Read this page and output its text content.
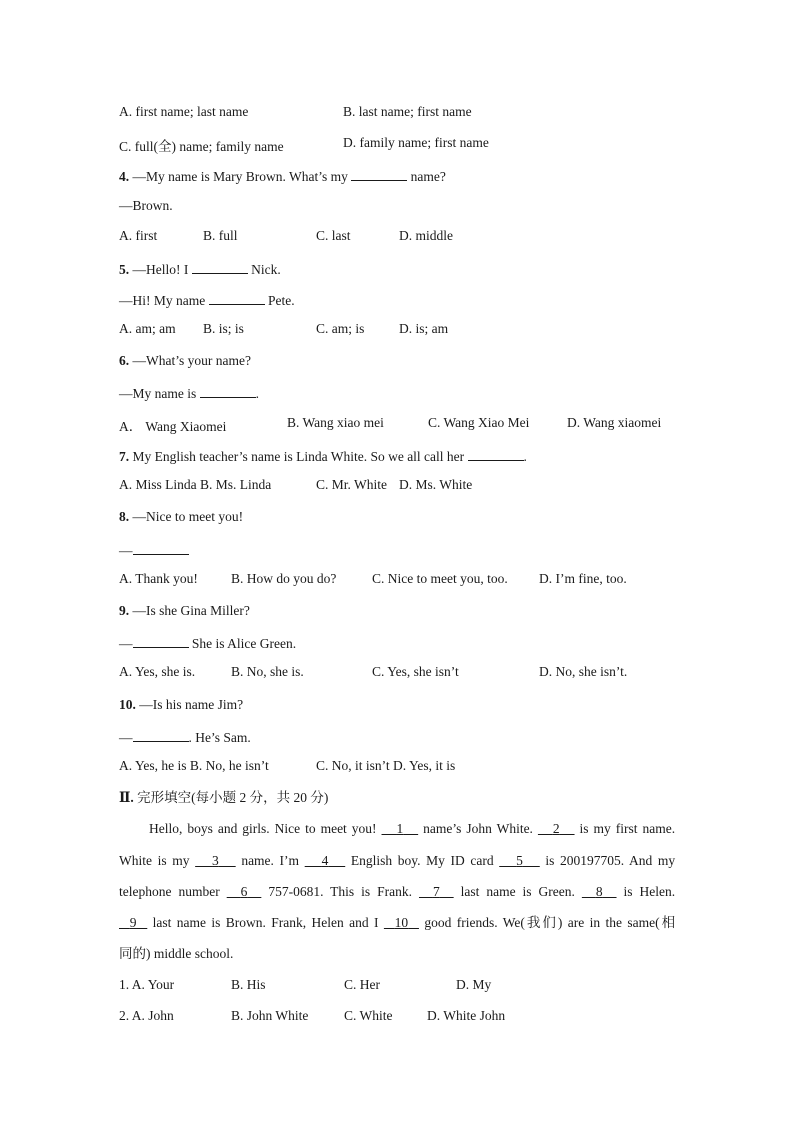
A. first name; last name	B. last name; first name
C. full(全) name; family name	D. family name; first name
4. —My name is Mary Brown. What’s my	name?
—Brown.
A. first	B. full	C. last	D. middle
5. —Hello! I	Nick.
—Hi! My name	Pete.
A. am; am B. is; is	C. am; is	D. is; am
6. —What’s your name?
—My name is	.
A． Wang Xiaomei	B. Wang xiao mei	C. Wang Xiao Mei	D. Wang xiaomei
7. My English teacher’s name is Linda White. So we all call her	.
A. Miss Linda B. Ms. Linda	C. Mr. White D. Ms. White
8. —Nice to meet you!
—
A. Thank you! B. How do you do?	C. Nice to meet you, too. D. I’m fine, too.
9. —Is she Gina Miller?
—	She is Alice Green.
A. Yes, she is.	B. No, she is.	C. Yes, she isn’t	D. No, she isn’t.
10. —Is his name Jim?
—	. He’s Sam.
A. Yes, he is B. No, he isn’t	C. No, it isn’t D. Yes, it is
Ⅱ. 完形填空(每小题 2 分，共 20 分)
Hello, boys and girls. Nice to meet you! 1 name’s John White. 2 is my first name.
White is my 3 name. I’m 4 English boy. My ID card 5 is 200197705. And my
telephone number 6 757-0681. This is Frank. 7 last name is Green. 8 is Helen.
9 last name is Brown. Frank, Helen and I 10 good friends. We(我们) are in the same(相
同的) middle school.
1. A. Your	B. His	C. Her	D. My
2. A. John	B. John White	C. White	D. White John
